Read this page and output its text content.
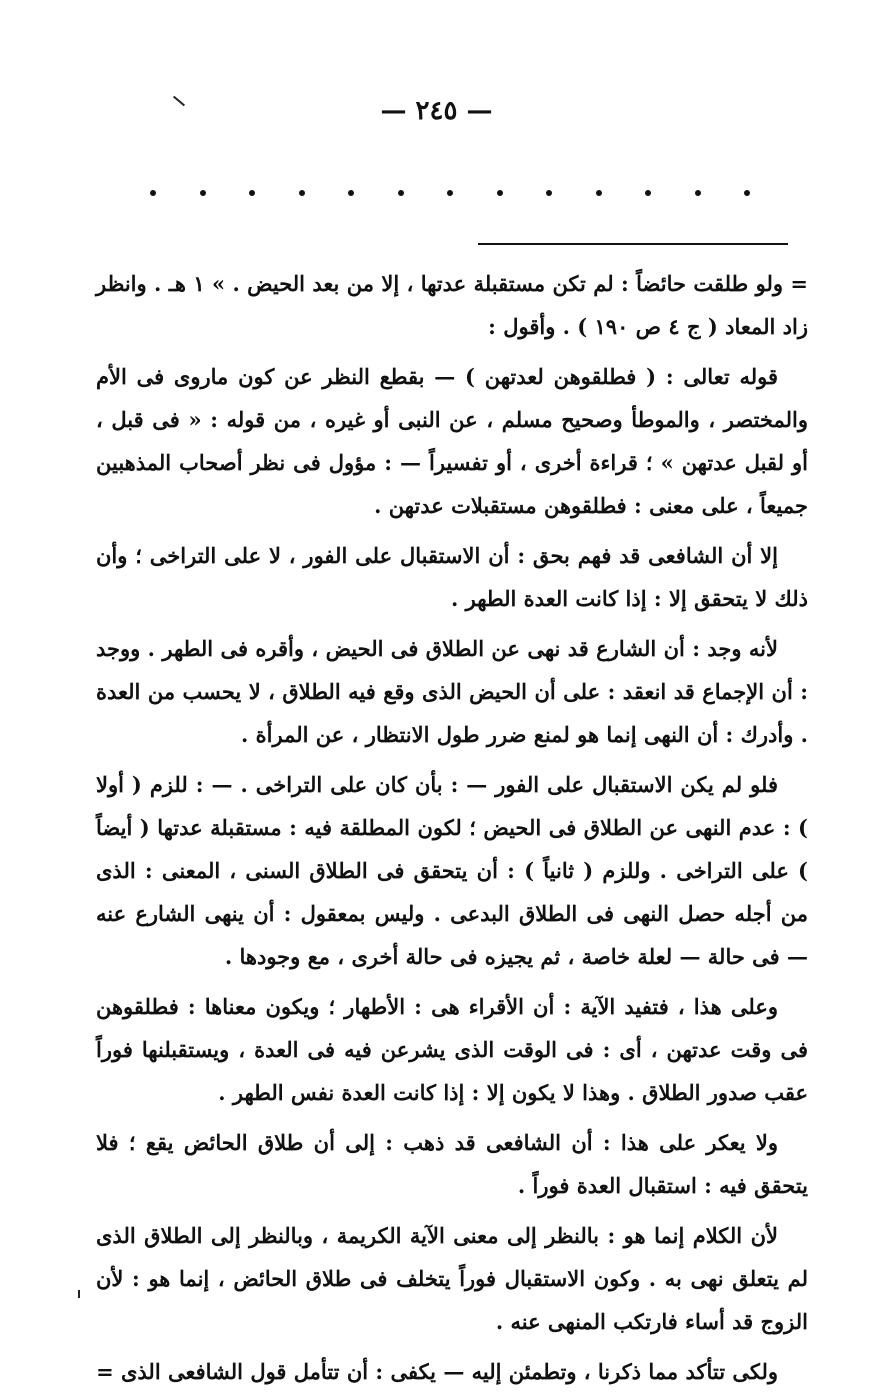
— ٢٤٥ —

= ولو طلقت حائضاً : لم تكن مستقبلة عدتها ، إلا من بعد الحيض . » ١ هـ . وانظر زاد المعاد ( ج ٤ ص ١٩٠ ) . وأقول :

قوله تعالى : ( فطلقوهن لعدتهن ) — بقطع النظر عن كون ماروى فى الأم والمختصر ، والموطأ وصحيح مسلم ، عن النبى أو غيره ، من قوله : « فى قبل ، أو لقبل عدتهن » ؛ قراءة أخرى ، أو تفسيراً — : مؤول فى نظر أصحاب المذهبين جميعاً ، على معنى : فطلقوهن مستقبلات عدتهن .

إلا أن الشافعى قد فهم بحق : أن الاستقبال على الفور ، لا على التراخى ؛ وأن ذلك لا يتحقق إلا : إذا كانت العدة الطهر .

لأنه وجد : أن الشارع قد نهى عن الطلاق فى الحيض ، وأقره فى الطهر . ووجد : أن الإجماع قد انعقد : على أن الحيض الذى وقع فيه الطلاق ، لا يحسب من العدة . وأدرك : أن النهى إنما هو لمنع ضرر طول الانتظار ، عن المرأة .

فلو لم يكن الاستقبال على الفور — : بأن كان على التراخى . — : للزم ( أولا ) : عدم النهى عن الطلاق فى الحيض ؛ لكون المطلقة فيه : مستقبلة عدتها ( أيضاً ) على التراخى . وللزم ( ثانياً ) : أن يتحقق فى الطلاق السنى ، المعنى : الذى من أجله حصل النهى فى الطلاق البدعى . وليس بمعقول : أن ينهى الشارع عنه — فى حالة — لعلة خاصة ، ثم يجيزه فى حالة أخرى ، مع وجودها .

وعلى هذا ، فتفيد الآية : أن الأقراء هى : الأطهار ؛ ويكون معناها : فطلقوهن فى وقت عدتهن ، أى : فى الوقت الذى يشرعن فيه فى العدة ، ويستقبلنها فوراً عقب صدور الطلاق . وهذا لا يكون إلا : إذا كانت العدة نفس الطهر .

ولا يعكر على هذا : أن الشافعى قد ذهب : إلى أن طلاق الحائض يقع ؛ فلا يتحقق فيه : استقبال العدة فوراً .

لأن الكلام إنما هو : بالنظر إلى معنى الآية الكريمة ، وبالنظر إلى الطلاق الذى لم يتعلق نهى به . وكون الاستقبال فوراً يتخلف فى طلاق الحائض ، إنما هو : لأن الزوج قد أساء فارتكب المنهى عنه .

ولكى تتأكد مما ذكرنا ، وتطمئن إليه — يكفى : أن تتأمل قول الشافعى الذى =
